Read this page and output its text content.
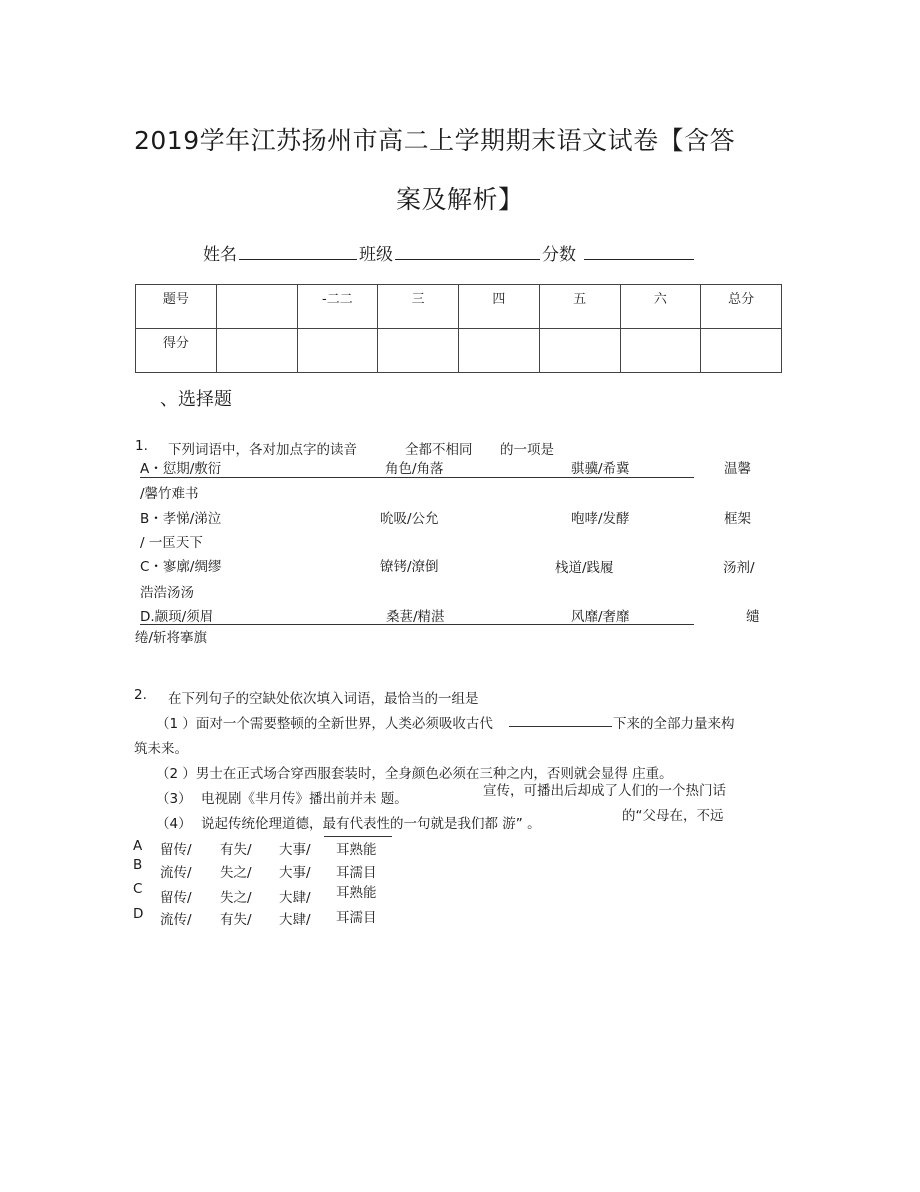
2019学年江苏扬州市高二上学期期末语文试卷【含答
案及解析】
姓名	班级	分数
题号		-二二	三	四	五	六	总分
得分							
、选择题
1. 下列词语中，各对加点字的读音	全都不相同 的一项是
A・愆期/敷衍	角色/角落	骐骥/希冀	温馨
/馨竹难书
B・孝悌/涕泣	吮吸/公允	咆哮/发酵	框架
/ 一匡天下
C・寥廓/绸缪	镣铐/潦倒	栈道/践履	汤剂/
浩浩汤汤
D.颛顼/须眉	桑葚/精湛	风靡/奢靡	缱
绻/斩将搴旗
2. 在下列句子的空缺处依次填入词语，最恰当的一组是
（1 ）面对一个需要整顿的全新世界，人类必须吸收古代	下来的全部力量来构
筑未来。
（2 ）男士在正式场合穿西服套装时，全身颜色必须在三种之内，否则就会显得 庄重。
（3） 电视剧《芈月传》播出前并未 题。	宣传，可播出后却成了人们的一个热门话
（4） 说起传统伦理道德，最有代表性的一句就是我们都 游” 。	的“父母在，不远
A 留传/ 有失/ 大事/ 耳熟能
B 流传/ 失之/ 大事/ 耳濡目
C
留传/ 失之/ 大肆/ 耳熟能
D 流传/ 有失/ 大肆/ 耳濡目
